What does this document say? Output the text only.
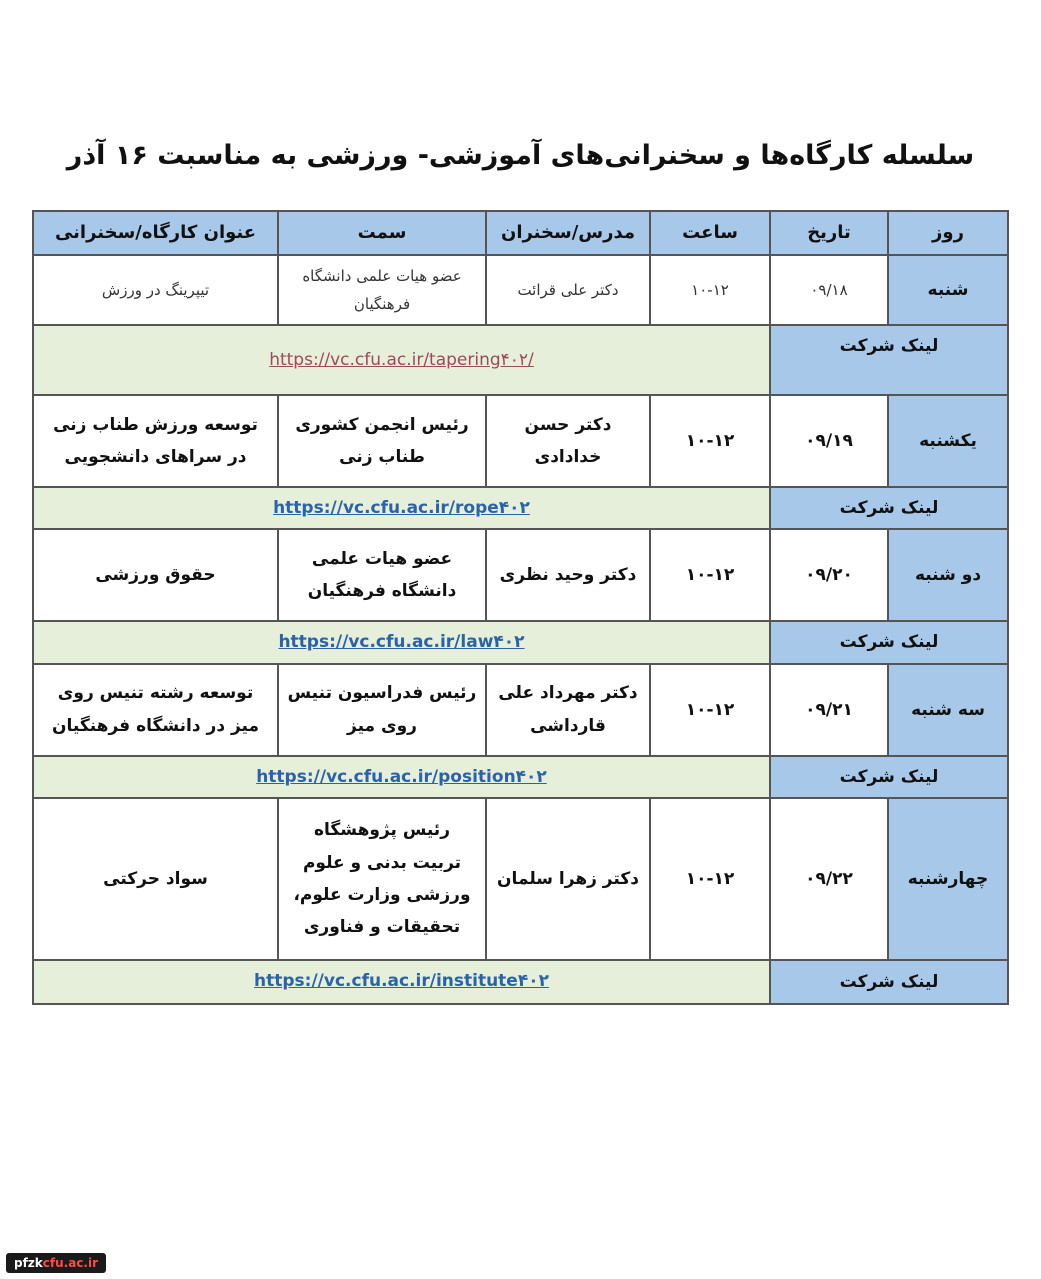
سلسله کارگاه‌ها و سخنرانی‌های آموزشی- ورزشی به مناسبت ۱۶ آذر
روز	تاریخ	ساعت	مدرس/سخنران	سمت	عنوان کارگاه/سخنرانی
شنبه	۰۹/۱۸	۱۰-۱۲	دکتر علی قرائت	عضو هیات علمی دانشگاه فرهنگیان	تیپرینگ در ورزش
لینک شرکت		https://vc.cfu.ac.ir/tapering۴۰۲/			
یکشنبه	۰۹/۱۹	۱۰-۱۲	دکتر حسن خدادادی	رئیس انجمن کشوری طناب زنی	توسعه ورزش طناب زنی در سراهای دانشجویی
لینک شرکت		https://vc.cfu.ac.ir/rope۴۰۲			
دو شنبه	۰۹/۲۰	۱۰-۱۲	دکتر وحید نظری	عضو هیات علمی دانشگاه فرهنگیان	حقوق ورزشی
لینک شرکت		https://vc.cfu.ac.ir/law۴۰۲			
سه شنبه	۰۹/۲۱	۱۰-۱۲	دکتر مهرداد علی قارداشی	رئیس فدراسیون تنیس روی میز	توسعه رشته تنیس روی میز در دانشگاه فرهنگیان
لینک شرکت		https://vc.cfu.ac.ir/position۴۰۲			
چهارشنبه	۰۹/۲۲	۱۰-۱۲	دکتر زهرا سلمان	رئیس پژوهشگاه تربیت بدنی و علوم ورزشی وزارت علوم، تحقیقات و فناوری	سواد حرکتی
لینک شرکت		https://vc.cfu.ac.ir/institute۴۰۲			
pfzkcfu.ac.ir
